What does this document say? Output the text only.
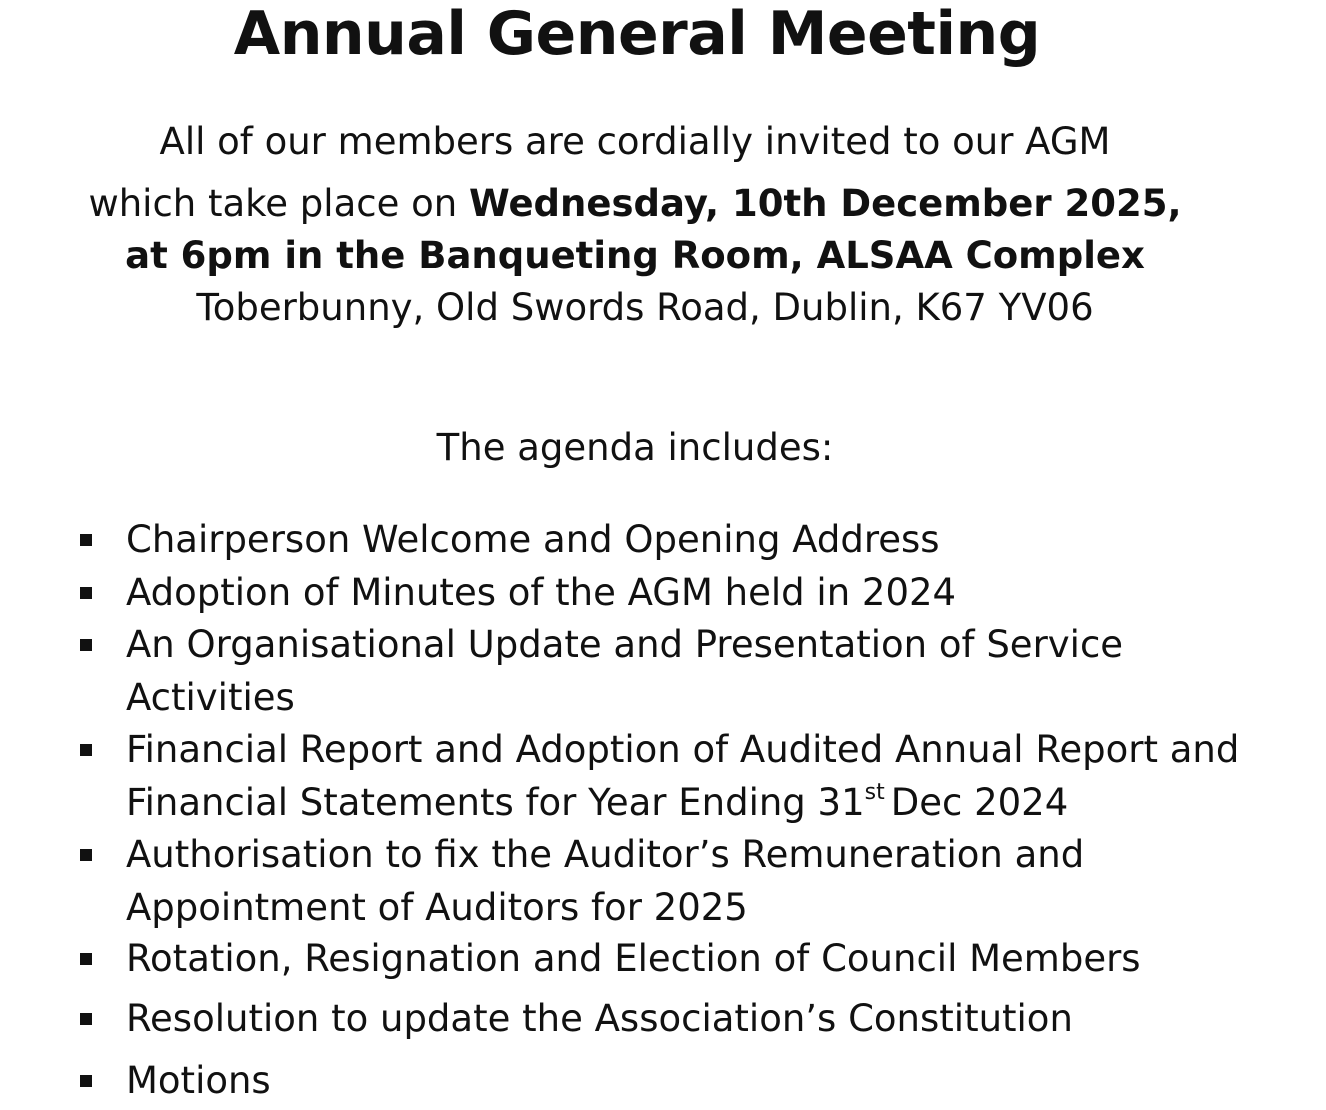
Annual General Meeting

All of our members are cordially invited to our AGM

which take place on Wednesday, 10th December 2025,

at 6pm in the Banqueting Room, ALSAA Complex

Toberbunny, Old Swords Road, Dublin, K67 YV06

The agenda includes:

Chairperson Welcome and Opening Address
Adoption of Minutes of the AGM held in 2024
An Organisational Update and Presentation of Service
Activities
Financial Report and Adoption of Audited Annual Report and
Financial Statements for Year Ending 31st Dec 2024
Authorisation to fix the Auditor’s Remuneration and
Appointment of Auditors for 2025
Rotation, Resignation and Election of Council Members
Resolution to update the Association’s Constitution
Motions
